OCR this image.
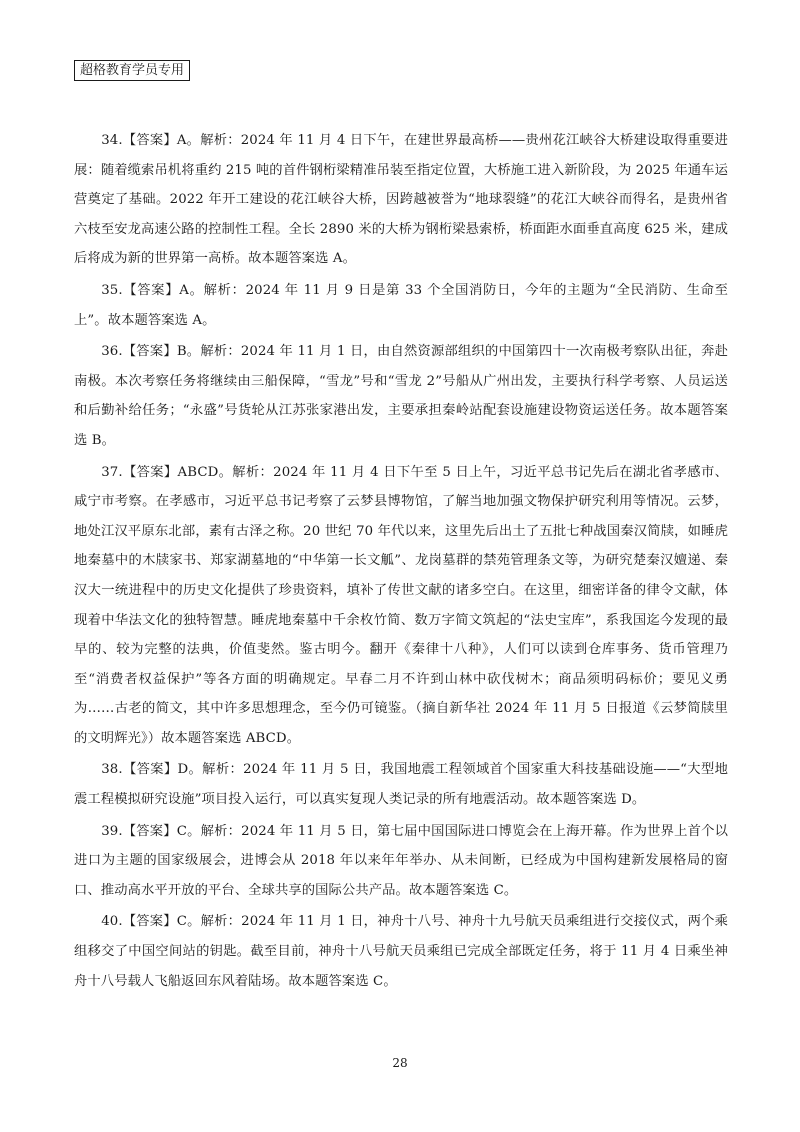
超格教育学员专用

34.【答案】A。解析：2024 年 11 月 4 日下午，在建世界最高桥——贵州花江峡谷大桥建设取得重要进展：随着缆索吊机将重约 215 吨的首件钢桁梁精准吊装至指定位置，大桥施工进入新阶段，为 2025 年通车运营奠定了基础。2022 年开工建设的花江峡谷大桥，因跨越被誉为“地球裂缝”的花江大峡谷而得名，是贵州省六枝至安龙高速公路的控制性工程。全长 2890 米的大桥为钢桁梁悬索桥，桥面距水面垂直高度 625 米，建成后将成为新的世界第一高桥。故本题答案选 A。

35.【答案】A。解析：2024 年 11 月 9 日是第 33 个全国消防日，今年的主题为“全民消防、生命至上”。故本题答案选 A。

36.【答案】B。解析：2024 年 11 月 1 日，由自然资源部组织的中国第四十一次南极考察队出征，奔赴南极。本次考察任务将继续由三船保障，“雪龙”号和“雪龙 2”号船从广州出发，主要执行科学考察、人员运送和后勤补给任务；“永盛”号货轮从江苏张家港出发，主要承担秦岭站配套设施建设物资运送任务。故本题答案选 B。

37.【答案】ABCD。解析：2024 年 11 月 4 日下午至 5 日上午，习近平总书记先后在湖北省孝感市、咸宁市考察。在孝感市，习近平总书记考察了云梦县博物馆，了解当地加强文物保护研究利用等情况。云梦，地处江汉平原东北部，素有古泽之称。20 世纪 70 年代以来，这里先后出土了五批七种战国秦汉简牍，如睡虎地秦墓中的木牍家书、郑家湖墓地的“中华第一长文觚”、龙岗墓群的禁苑管理条文等，为研究楚秦汉嬗递、秦汉大一统进程中的历史文化提供了珍贵资料，填补了传世文献的诸多空白。在这里，细密详备的律令文献，体现着中华法文化的独特智慧。睡虎地秦墓中千余枚竹简、数万字简文筑起的“法史宝库”，系我国迄今发现的最早的、较为完整的法典，价值斐然。鉴古明今。翻开《秦律十八种》，人们可以读到仓库事务、货币管理乃至“消费者权益保护”等各方面的明确规定。早春二月不许到山林中砍伐树木；商品须明码标价；要见义勇为……古老的简文，其中许多思想理念，至今仍可镜鉴。（摘自新华社 2024 年 11 月 5 日报道《云梦简牍里的文明辉光》）故本题答案选 ABCD。

38.【答案】D。解析：2024 年 11 月 5 日，我国地震工程领域首个国家重大科技基础设施——“大型地震工程模拟研究设施”项目投入运行，可以真实复现人类记录的所有地震活动。故本题答案选 D。

39.【答案】C。解析：2024 年 11 月 5 日，第七届中国国际进口博览会在上海开幕。作为世界上首个以进口为主题的国家级展会，进博会从 2018 年以来年年举办、从未间断，已经成为中国构建新发展格局的窗口、推动高水平开放的平台、全球共享的国际公共产品。故本题答案选 C。

40.【答案】C。解析：2024 年 11 月 1 日，神舟十八号、神舟十九号航天员乘组进行交接仪式，两个乘组移交了中国空间站的钥匙。截至目前，神舟十八号航天员乘组已完成全部既定任务，将于 11 月 4 日乘坐神舟十八号载人飞船返回东风着陆场。故本题答案选 C。

28
